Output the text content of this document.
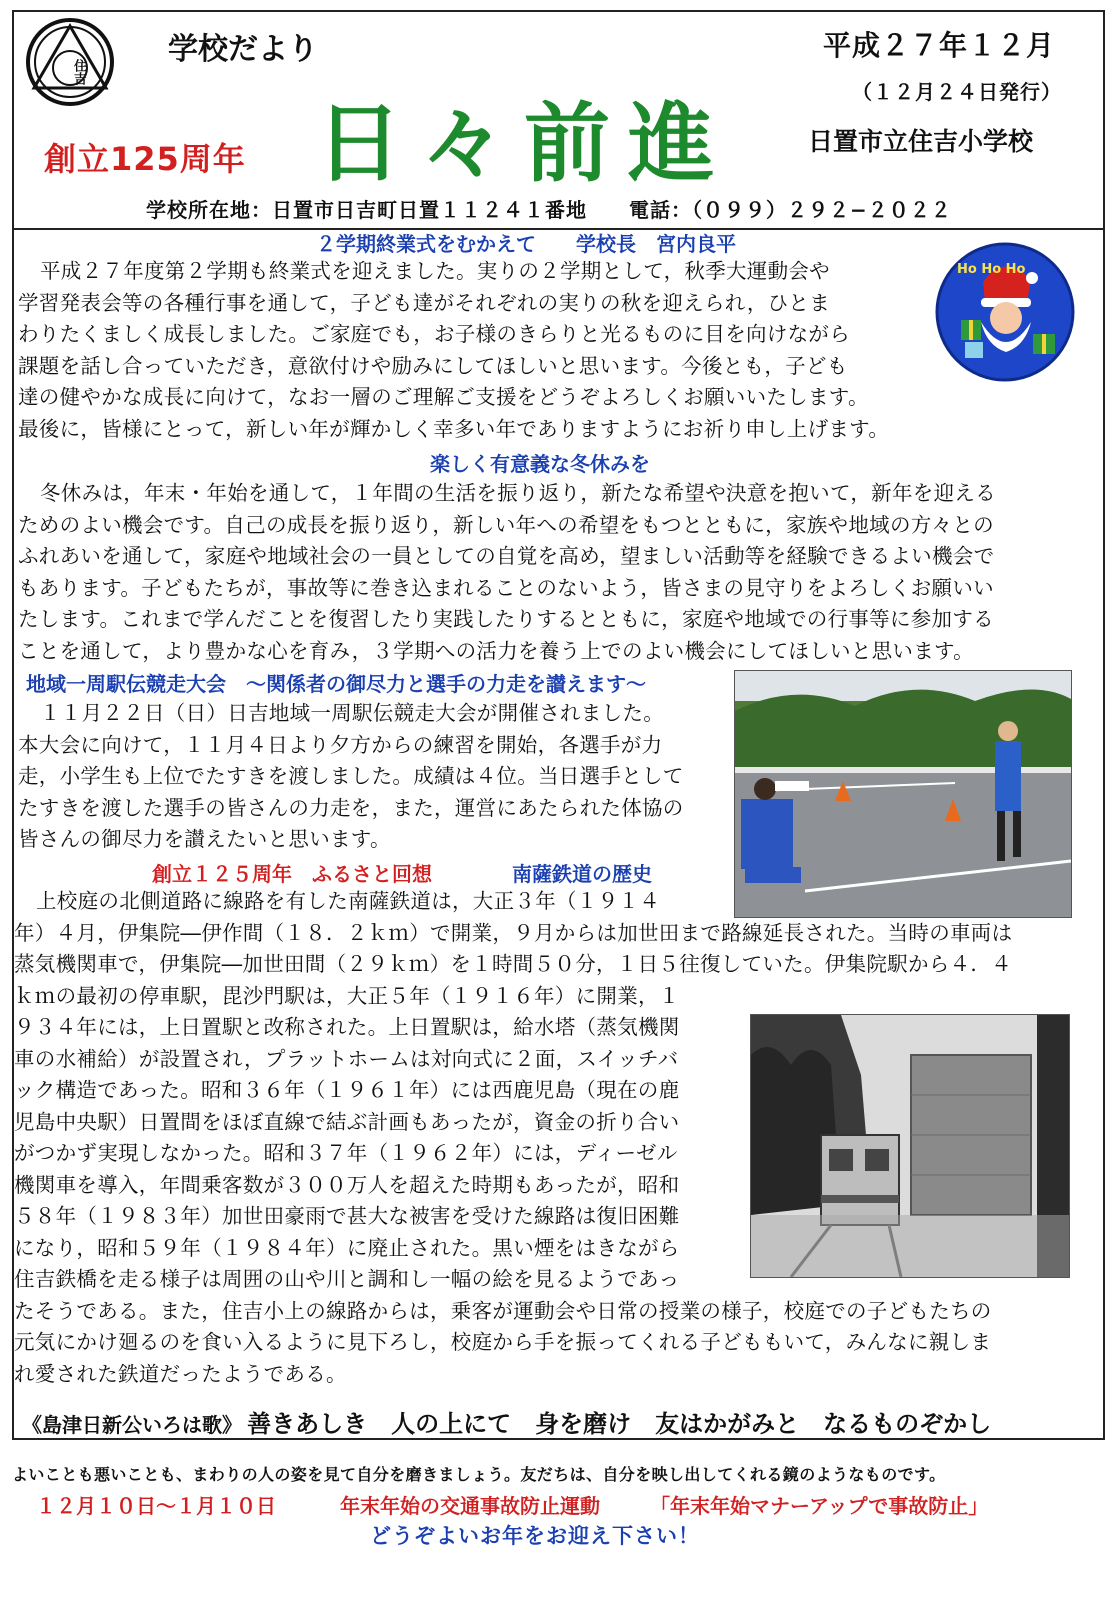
住吉
学校だより
創立125周年 日々前進
平成２７年１２月
（１２月２４日発行）
日置市立住吉小学校
学校所在地：日置市日吉町日置１１２４１番地　　電話：（０９９）２９２−２０２２
２学期終業式をむかえて　　学校長　宮内良平
Ho Ho Ho
平成２７年度第２学期も終業式を迎えました。実りの２学期として，秋季大運動会や
学習発表会等の各種行事を通して，子ども達がそれぞれの実りの秋を迎えられ，ひとま
わりたくましく成長しました。ご家庭でも，お子様のきらりと光るものに目を向けながら
課題を話し合っていただき，意欲付けや励みにしてほしいと思います。今後とも，子ども
達の健やかな成長に向けて，なお一層のご理解ご支援をどうぞよろしくお願いいたします。
最後に，皆様にとって，新しい年が輝かしく幸多い年でありますようにお祈り申し上げます。
楽しく有意義な冬休みを
冬休みは，年末・年始を通して，１年間の生活を振り返り，新たな希望や決意を抱いて，新年を迎える
ためのよい機会です。自己の成長を振り返り，新しい年への希望をもつとともに，家族や地域の方々との
ふれあいを通して，家庭や地域社会の一員としての自覚を高め，望ましい活動等を経験できるよい機会で
もあります。子どもたちが，事故等に巻き込まれることのないよう，皆さまの見守りをよろしくお願いい
たします。これまで学んだことを復習したり実践したりするとともに，家庭や地域での行事等に参加する
ことを通して，より豊かな心を育み，３学期への活力を養う上でのよい機会にしてほしいと思います。
地域一周駅伝競走大会　～関係者の御尽力と選手の力走を讃えます～
１１月２２日（日）日吉地域一周駅伝競走大会が開催されました。
本大会に向けて，１１月４日より夕方からの練習を開始，各選手が力
走，小学生も上位でたすきを渡しました。成績は４位。当日選手として
たすきを渡した選手の皆さんの力走を，また，運営にあたられた体協の
皆さんの御尽力を讃えたいと思います。
創立１２５周年　ふるさと回想	南薩鉄道の歴史
上校庭の北側道路に線路を有した南薩鉄道は，大正３年（１９１４
年）４月，伊集院―伊作間（１８．２ｋｍ）で開業，９月からは加世田まで路線延長された。当時の車両は
蒸気機関車で，伊集院―加世田間（２９ｋｍ）を１時間５０分，１日５往復していた。伊集院駅から４．４
ｋｍの最初の停車駅，毘沙門駅は，大正５年（１９１６年）に開業，１
９３４年には，上日置駅と改称された。上日置駅は，給水塔（蒸気機関
車の水補給）が設置され，プラットホームは対向式に２面，スイッチバ
ック構造であった。昭和３６年（１９６１年）には西鹿児島（現在の鹿
児島中央駅）日置間をほぼ直線で結ぶ計画もあったが，資金の折り合い
がつかず実現しなかった。昭和３７年（１９６２年）には，ディーゼル
機関車を導入，年間乗客数が３００万人を超えた時期もあったが，昭和
５８年（１９８３年）加世田豪雨で甚大な被害を受けた線路は復旧困難
になり，昭和５９年（１９８４年）に廃止された。黒い煙をはきながら
住吉鉄橋を走る様子は周囲の山や川と調和し一幅の絵を見るようであっ
たそうである。また，住吉小上の線路からは，乗客が運動会や日常の授業の様子，校庭での子どもたちの
元気にかけ廻るのを食い入るように見下ろし，校庭から手を振ってくれる子どももいて，みんなに親しま
れ愛された鉄道だったようである。
《島津日新公いろは歌》 善きあしき　人の上にて　身を磨け　友はかがみと　なるものぞかし
よいことも悪いことも、まわりの人の姿を見て自分を磨きましょう。友だちは、自分を映し出してくれる鏡のようなものです。
１２月１０日～１月１０日	年末年始の交通事故防止運動	「年末年始マナーアップで事故防止」
どうぞよいお年をお迎え下さい！
